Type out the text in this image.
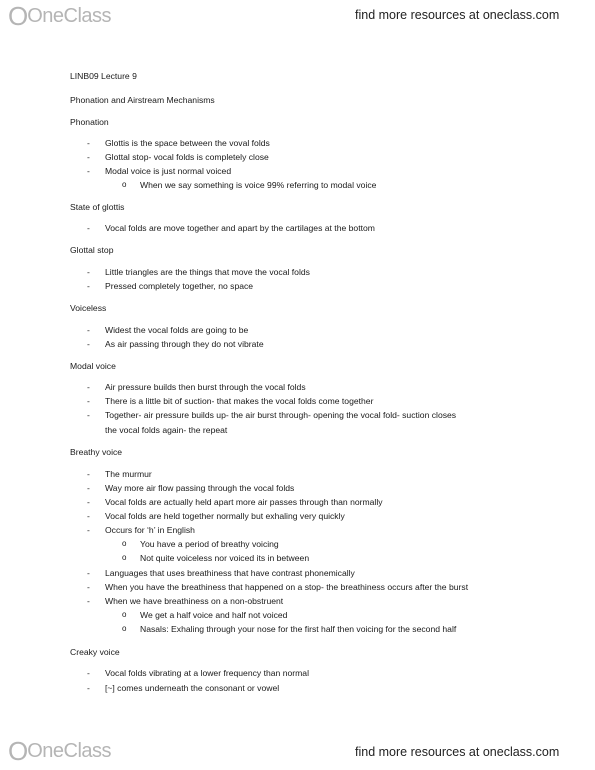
O OneClass	find more resources at oneclass.com

LINB09 Lecture 9

Phonation and Airstream Mechanisms

Phonation

- Glottis is the space between the voval folds
- Glottal stop- vocal folds is completely close
- Modal voice is just normal voiced
o When we say something is voice 99% referring to modal voice

State of glottis

- Vocal folds are move together and apart by the cartilages at the bottom

Glottal stop

- Little triangles are the things that move the vocal folds
- Pressed completely together, no space

Voiceless

- Widest the vocal folds are going to be
- As air passing through they do not vibrate

Modal voice

- Air pressure builds then burst through the vocal folds
- There is a little bit of suction- that makes the vocal folds come together
- Together- air pressure builds up- the air burst through- opening the vocal fold- suction closes

the vocal folds again- the repeat

Breathy voice

- The murmur
- Way more air flow passing through the vocal folds
- Vocal folds are actually held apart more air passes through than normally
- Vocal folds are held together normally but exhaling very quickly
- Occurs for ‘h’ in English
o You have a period of breathy voicing
o Not quite voiceless nor voiced its in between
- Languages that uses breathiness that have contrast phonemically
- When you have the breathiness that happened on a stop- the breathiness occurs after the burst
- When we have breathiness on a non-obstruent
o We get a half voice and half not voiced
o Nasals: Exhaling through your nose for the first half then voicing for the second half

Creaky voice

- Vocal folds vibrating at a lower frequency than normal
- [~] comes underneath the consonant or vowel
O OneClass	find more resources at oneclass.com
